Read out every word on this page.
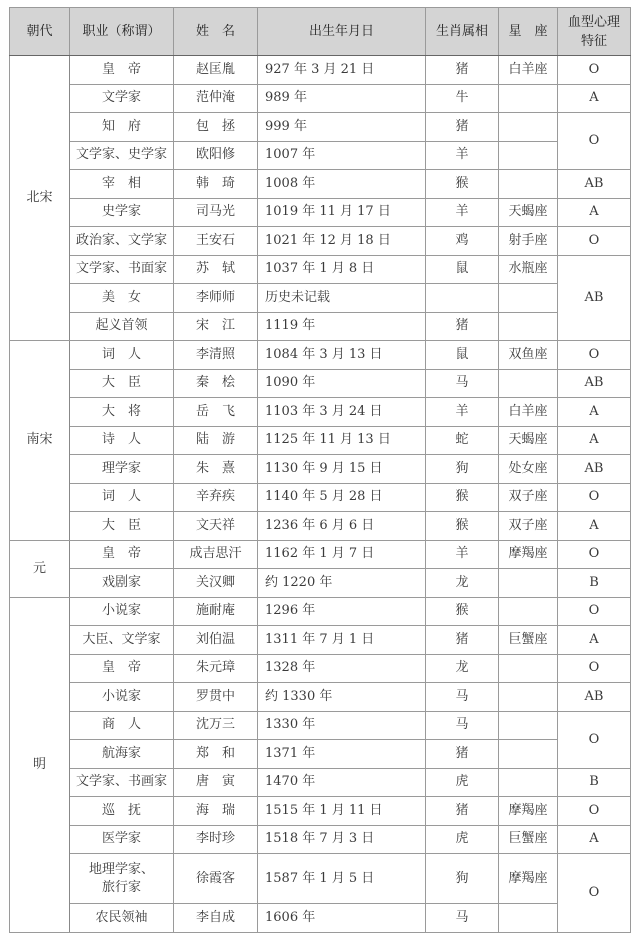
朝代	职业（称谓）	姓　名	出生年月日	生肖属相	星　座	血型心理
特征
北宋	皇　帝	赵匡胤	927 年 3 月 21 日	猪	白羊座	O
	文学家	范仲淹	989 年	牛		A
	知　府	包　拯	999 年	猪		O
	文学家、史学家	欧阳修	1007 年	羊		
	宰　相	韩　琦	1008 年	猴		AB
	史学家	司马光	1019 年 11 月 17 日	羊	天蝎座	A
	政治家、文学家	王安石	1021 年 12 月 18 日	鸡	射手座	O
	文学家、书面家	苏　轼	1037 年 1 月 8 日	鼠	水瓶座	AB
	美　女	李师师	历史未记载			
	起义首领	宋　江	1119 年	猪		
南宋	词　人	李清照	1084 年 3 月 13 日	鼠	双鱼座	O
	大　臣	秦　桧	1090 年	马		AB
	大　将	岳　飞	1103 年 3 月 24 日	羊	白羊座	A
	诗　人	陆　游	1125 年 11 月 13 日	蛇	天蝎座	A
	理学家	朱　熹	1130 年 9 月 15 日	狗	处女座	AB
	词　人	辛弃疾	1140 年 5 月 28 日	猴	双子座	O
	大　臣	文天祥	1236 年 6 月 6 日	猴	双子座	A
元	皇　帝	成吉思汗	1162 年 1 月 7 日	羊	摩羯座	O
	戏剧家	关汉卿	约 1220 年	龙		B
明	小说家	施耐庵	1296 年	猴		O
	大臣、文学家	刘伯温	1311 年 7 月 1 日	猪	巨蟹座	A
	皇　帝	朱元璋	1328 年	龙		O
	小说家	罗贯中	约 1330 年	马		AB
	商　人	沈万三	1330 年	马		O
	航海家	郑　和	1371 年	猪		
	文学家、书画家	唐　寅	1470 年	虎		B
	巡　抚	海　瑞	1515 年 1 月 11 日	猪	摩羯座	O
	医学家	李时珍	1518 年 7 月 3 日	虎	巨蟹座	A
	地理学家、
旅行家	徐霞客	1587 年 1 月 5 日	狗	摩羯座	O
	农民领袖	李自成	1606 年	马		
